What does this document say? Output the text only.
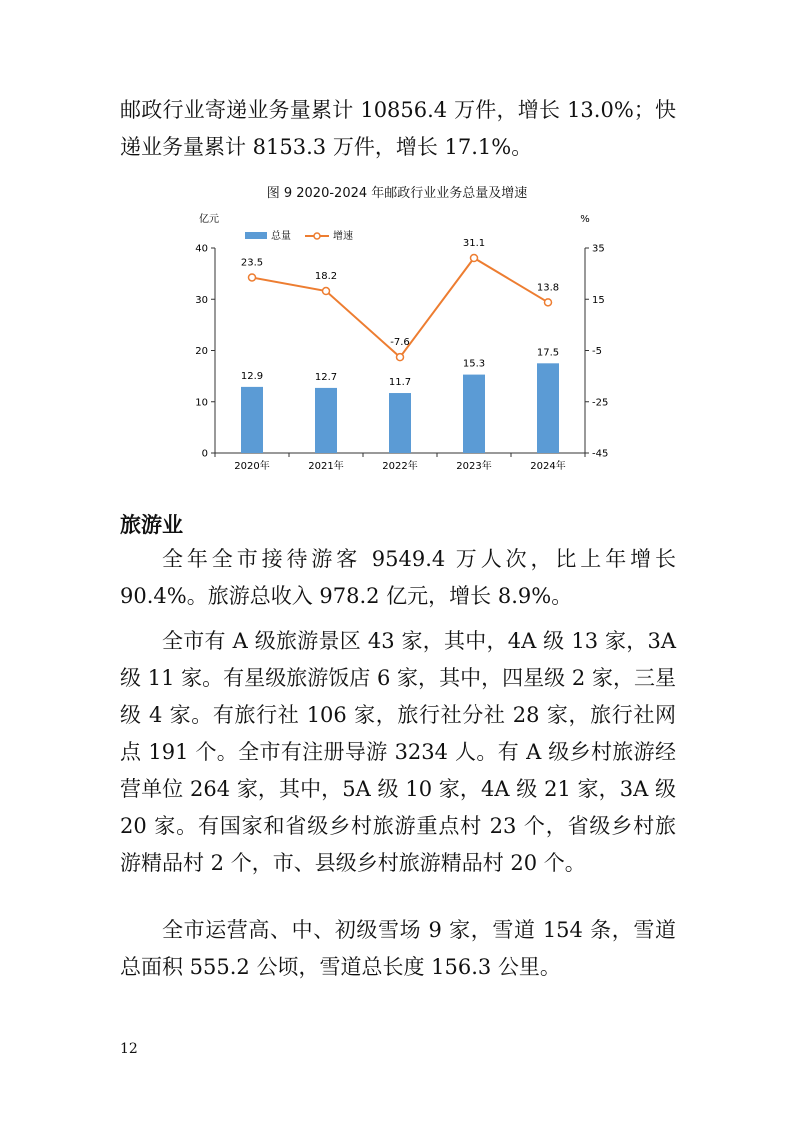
邮政行业寄递业务量累计 10856.4 万件，增长 13.0%；快递业务量累计 8153.3 万件，增长 17.1%。

图 9 2020-2024 年邮政行业业务总量及增速
亿元	%
0
10
20
30
40
-45
-25
-5
15
35
2020年	2021年	2022年	2023年	2024年
12.9	12.7	11.7
15.3
17.5
23.5
18.2
-7.6
31.1
13.8
总量	增速
旅游业

全年全市接待游客 9549.4 万人次，比上年增长 90.4%。旅游总收入 978.2 亿元，增长 8.9%。

全市有 A 级旅游景区 43 家，其中，4A 级 13 家，3A 级 11 家。有星级旅游饭店 6 家，其中，四星级 2 家，三星级 4 家。有旅行社 106 家，旅行社分社 28 家，旅行社网点 191 个。全市有注册导游 3234 人。有 A 级乡村旅游经营单位 264 家，其中，5A 级 10 家，4A 级 21 家，3A 级 20 家。有国家和省级乡村旅游重点村 23 个，省级乡村旅游精品村 2 个，市、县级乡村旅游精品村 20 个。

全市运营高、中、初级雪场 9 家，雪道 154 条，雪道总面积 555.2 公顷，雪道总长度 156.3 公里。

12
